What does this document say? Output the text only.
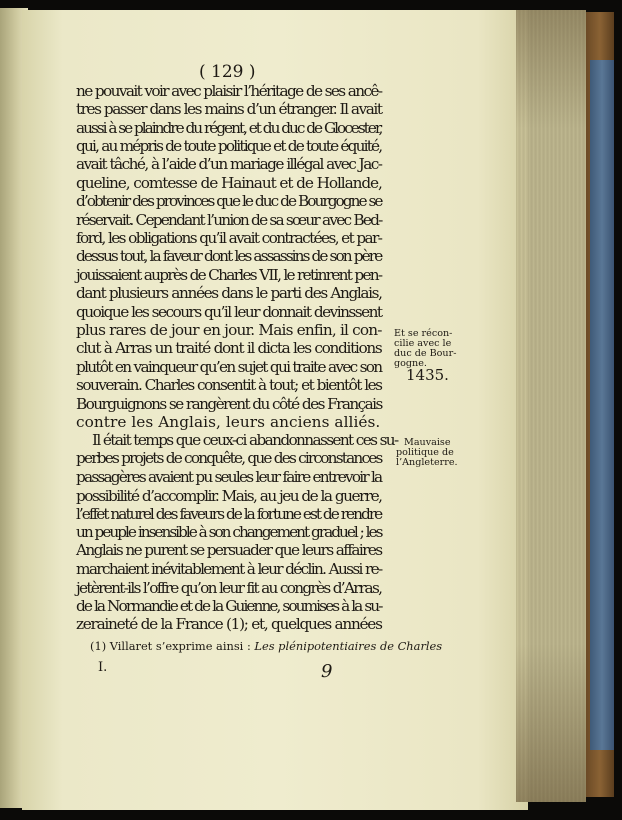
( 129 )
ne pouvait voir avec plaisir l’héritage de ses ancê-
tres passer dans les mains d’un étranger. Il avait
aussi à se plaindre du régent, et du duc de Glocester,
qui, au mépris de toute politique et de toute équité,
avait tâché, à l’aide d’un mariage illégal avec Jac-
queline, comtesse de Hainaut et de Hollande,
d’obtenir des provinces que le duc de Bourgogne se
réservait. Cependant l’union de sa sœur avec Bed-
ford, les obligations qu’il avait contractées, et par-
dessus tout, la faveur dont les assassins de son père
jouissaient auprès de Charles VII, le retinrent pen-
dant plusieurs années dans le parti des Anglais,
quoique les secours qu’il leur donnait devinssent
plus rares de jour en jour. Mais enfin, il con-
clut à Arras un traité dont il dicta les conditions
plutôt en vainqueur qu’en sujet qui traite avec son
souverain. Charles consentit à tout; et bientôt les
Bourguignons se rangèrent du côté des Français
contre les Anglais, leurs anciens alliés.
Il était temps que ceux-ci abandonnassent ces su-
perbes projets de conquête, que des circonstances
passagères avaient pu seules leur faire entrevoir la
possibilité d’accomplir. Mais, au jeu de la guerre,
l’effet naturel des faveurs de la fortune est de rendre
un peuple insensible à son changement graduel ; les
Anglais ne purent se persuader que leurs affaires
marchaient inévitablement à leur déclin. Aussi re-
jetèrent-ils l’offre qu’on leur fit au congrès d’Arras,
de la Normandie et de la Guienne, soumises à la su-
zeraineté de la France (1); et, quelques années
Et se récon-
cilie avec le
duc de Bour-
gogne.
1435.
Mauvaise
politique de
l’Angleterre.
(1) Villaret s’exprime ainsi : Les plénipotentiaires de Charles
I.	9
